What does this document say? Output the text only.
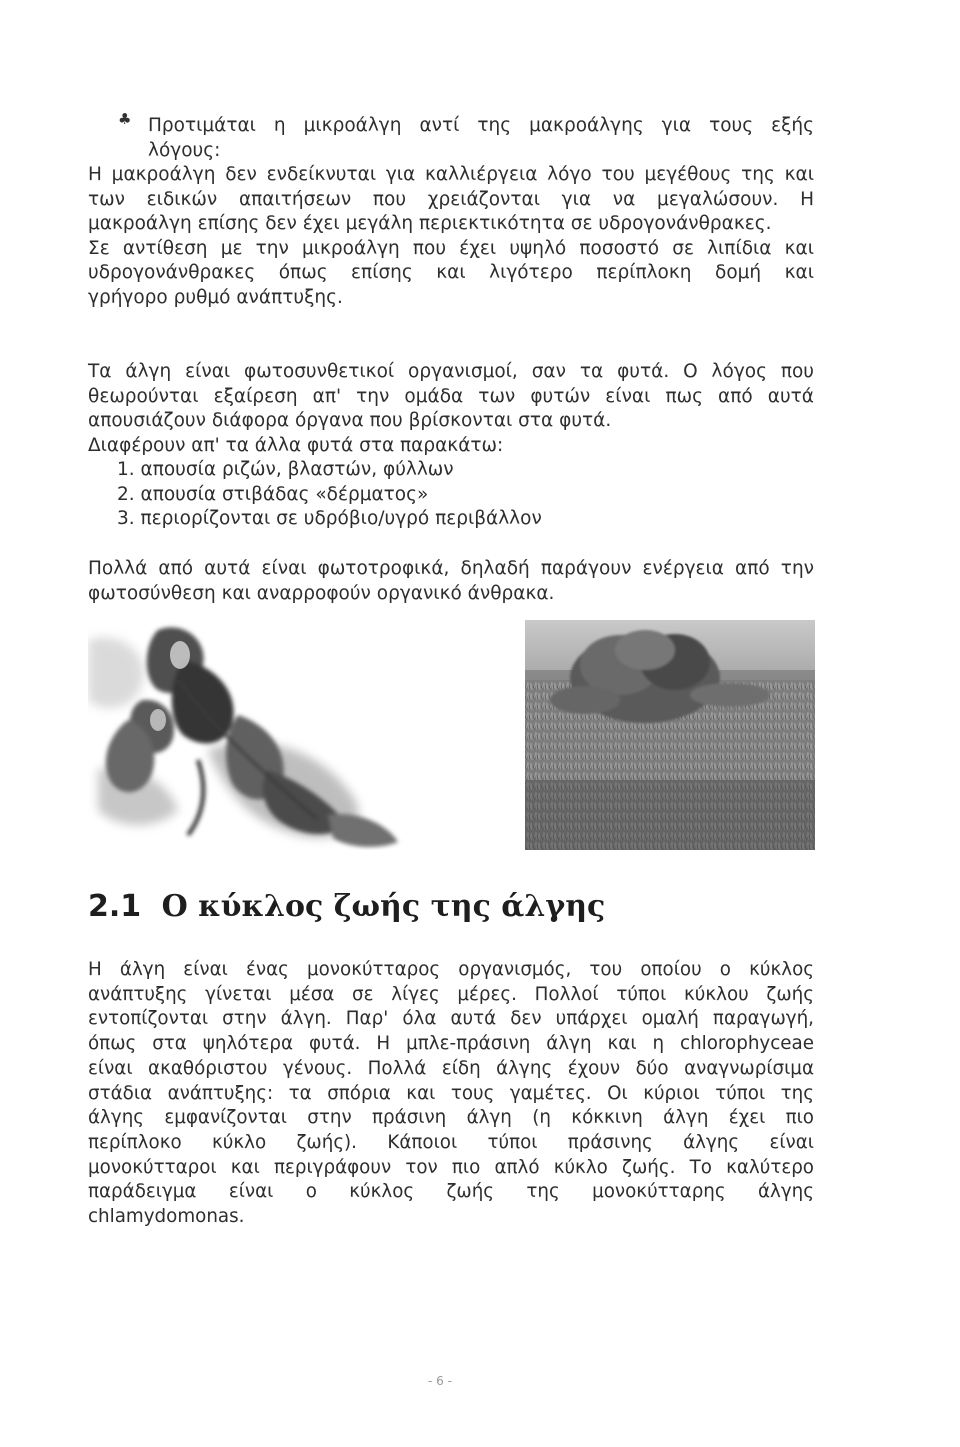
♣ Προτιμάται η μικροάλγη αντί της μακροάλγης για τους εξής
λόγους:
Η μακροάλγη δεν ενδείκνυται για καλλιέργεια λόγο του μεγέθους της και
των ειδικών απαιτήσεων που χρειάζονται για να μεγαλώσουν. Η
μακροάλγη επίσης δεν έχει μεγάλη περιεκτικότητα σε υδρογονάνθρακες.
Σε αντίθεση με την μικροάλγη που έχει υψηλό ποσοστό σε λιπίδια και
υδρογονάνθρακες όπως επίσης και λιγότερο περίπλοκη δομή και
γρήγορο ρυθμό ανάπτυξης.
Τα άλγη είναι φωτοσυνθετικοί οργανισμοί, σαν τα φυτά. Ο λόγος που
θεωρούνται εξαίρεση απ' την ομάδα των φυτών είναι πως από αυτά
απουσιάζουν διάφορα όργανα που βρίσκονται στα φυτά.
Διαφέρουν απ' τα άλλα φυτά στα παρακάτω:
1. απουσία ριζών, βλαστών, φύλλων
2. απουσία στιβάδας «δέρματος»
3. περιορίζονται σε υδρόβιο/υγρό περιβάλλον
Πολλά από αυτά είναι φωτοτροφικά, δηλαδή παράγουν ενέργεια από την
φωτοσύνθεση και αναρροφούν οργανικό άνθρακα.
2.1 Ο κύκλος ζωής της άλγης
Η άλγη είναι ένας μονοκύτταρος οργανισμός, του οποίου ο κύκλος
ανάπτυξης γίνεται μέσα σε λίγες μέρες. Πολλοί τύποι κύκλου ζωής
εντοπίζονται στην άλγη. Παρ' όλα αυτά δεν υπάρχει ομαλή παραγωγή,
όπως στα ψηλότερα φυτά. Η μπλε-πράσινη άλγη και η chlorophyceae
είναι ακαθόριστου γένους. Πολλά είδη άλγης έχουν δύο αναγνωρίσιμα
στάδια ανάπτυξης: τα σπόρια και τους γαμέτες. Οι κύριοι τύποι της
άλγης εμφανίζονται στην πράσινη άλγη (η κόκκινη άλγη έχει πιο
περίπλοκο κύκλο ζωής). Κάποιοι τύποι πράσινης άλγης είναι
μονοκύτταροι και περιγράφουν τον πιο απλό κύκλο ζωής. Το καλύτερο
παράδειγμα είναι ο κύκλος ζωής της μονοκύτταρης άλγης
chlamydomonas.
- 6 -
